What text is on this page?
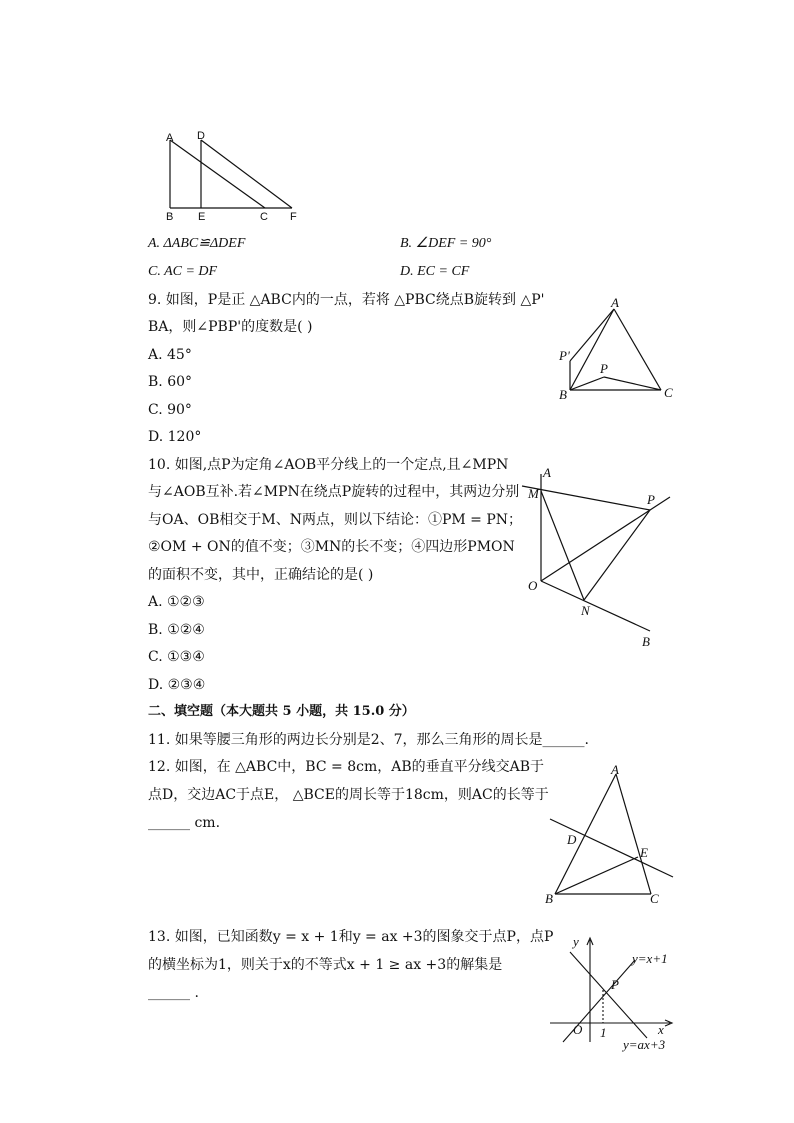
A D
B E	C F
A. ΔABC≌ΔDEF	B. ∠DEF = 90°
C. AC = DF	D. EC = CF
9. 如图，P是正 △ABC内的一点，若将 △PBC绕点B旋转到 △P'
BA，则∠PBP'的度数是( )
A. 45°
B. 60°
C. 90°
D. 120°
A
P'
P
B	C
10. 如图,点P为定角∠AOB平分线上的一个定点,且∠MPN
与∠AOB互补.若∠MPN在绕点P旋转的过程中，其两边分别
与OA、OB相交于M、N两点，则以下结论：①PM = PN；
②OM + ON的值不变；③MN的长不变；④四边形PMON
的面积不变，其中，正确结论的是( )
A. ①②③
B. ①②④
C. ①③④
D. ②③④
A
M	P
O
N
B
二、填空题（本大题共 5 小题，共 15.0 分）
11. 如果等腰三角形的两边长分别是2、7，那么三角形的周长是______.
12. 如图，在 △ABC中，BC = 8cm，AB的垂直平分线交AB于
点D，交边AC于点E， △BCE的周长等于18cm，则AC的长等于
______ cm.
A
D
E
B	C
13. 如图，已知函数y = x + 1和y = ax +3的图象交于点P，点P
的横坐标为1，则关于x的不等式x + 1 ≥ ax +3的解集是
______ .
y
y=x+1
P
O 1	x
y=ax+3
